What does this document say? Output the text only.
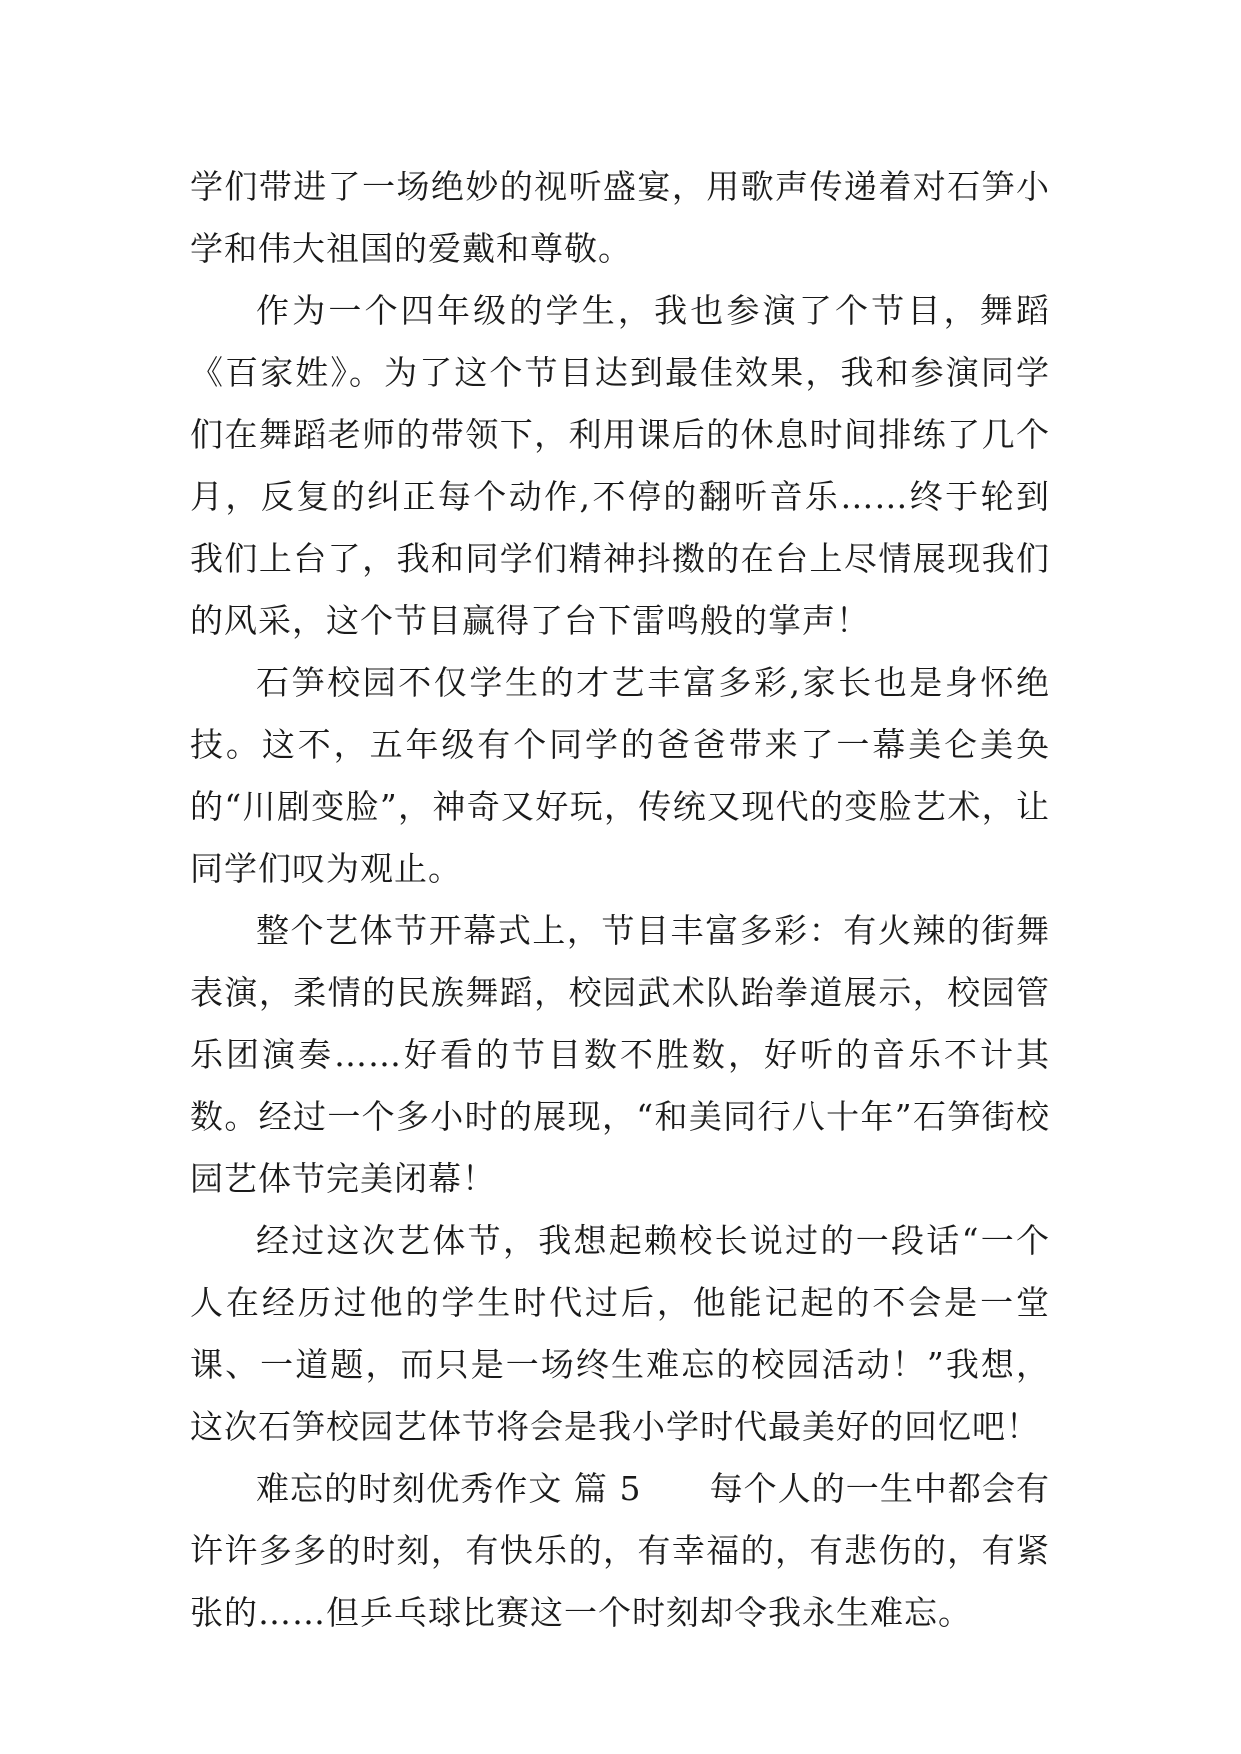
学们带进了一场绝妙的视听盛宴，用歌声传递着对石笋小学和伟大祖国的爱戴和尊敬。

作为一个四年级的学生，我也参演了个节目，舞蹈《百家姓》。为了这个节目达到最佳效果，我和参演同学们在舞蹈老师的带领下，利用课后的休息时间排练了几个月，反复的纠正每个动作,不停的翻听音乐……终于轮到我们上台了，我和同学们精神抖擞的在台上尽情展现我们的风采，这个节目赢得了台下雷鸣般的掌声！

石笋校园不仅学生的才艺丰富多彩,家长也是身怀绝技。这不，五年级有个同学的爸爸带来了一幕美仑美奂的“川剧变脸”，神奇又好玩，传统又现代的变脸艺术，让同学们叹为观止。

整个艺体节开幕式上，节目丰富多彩：有火辣的街舞表演，柔情的民族舞蹈，校园武术队跆拳道展示，校园管乐团演奏……好看的节目数不胜数，好听的音乐不计其数。经过一个多小时的展现，“和美同行八十年”石笋街校园艺体节完美闭幕！

经过这次艺体节，我想起赖校长说过的一段话“一个人在经历过他的学生时代过后，他能记起的不会是一堂课、一道题，而只是一场终生难忘的校园活动！”我想，这次石笋校园艺体节将会是我小学时代最美好的回忆吧！

难忘的时刻优秀作文 篇 5　　每个人的一生中都会有许许多多的时刻，有快乐的，有幸福的，有悲伤的，有紧张的……但乒乓球比赛这一个时刻却令我永生难忘。
